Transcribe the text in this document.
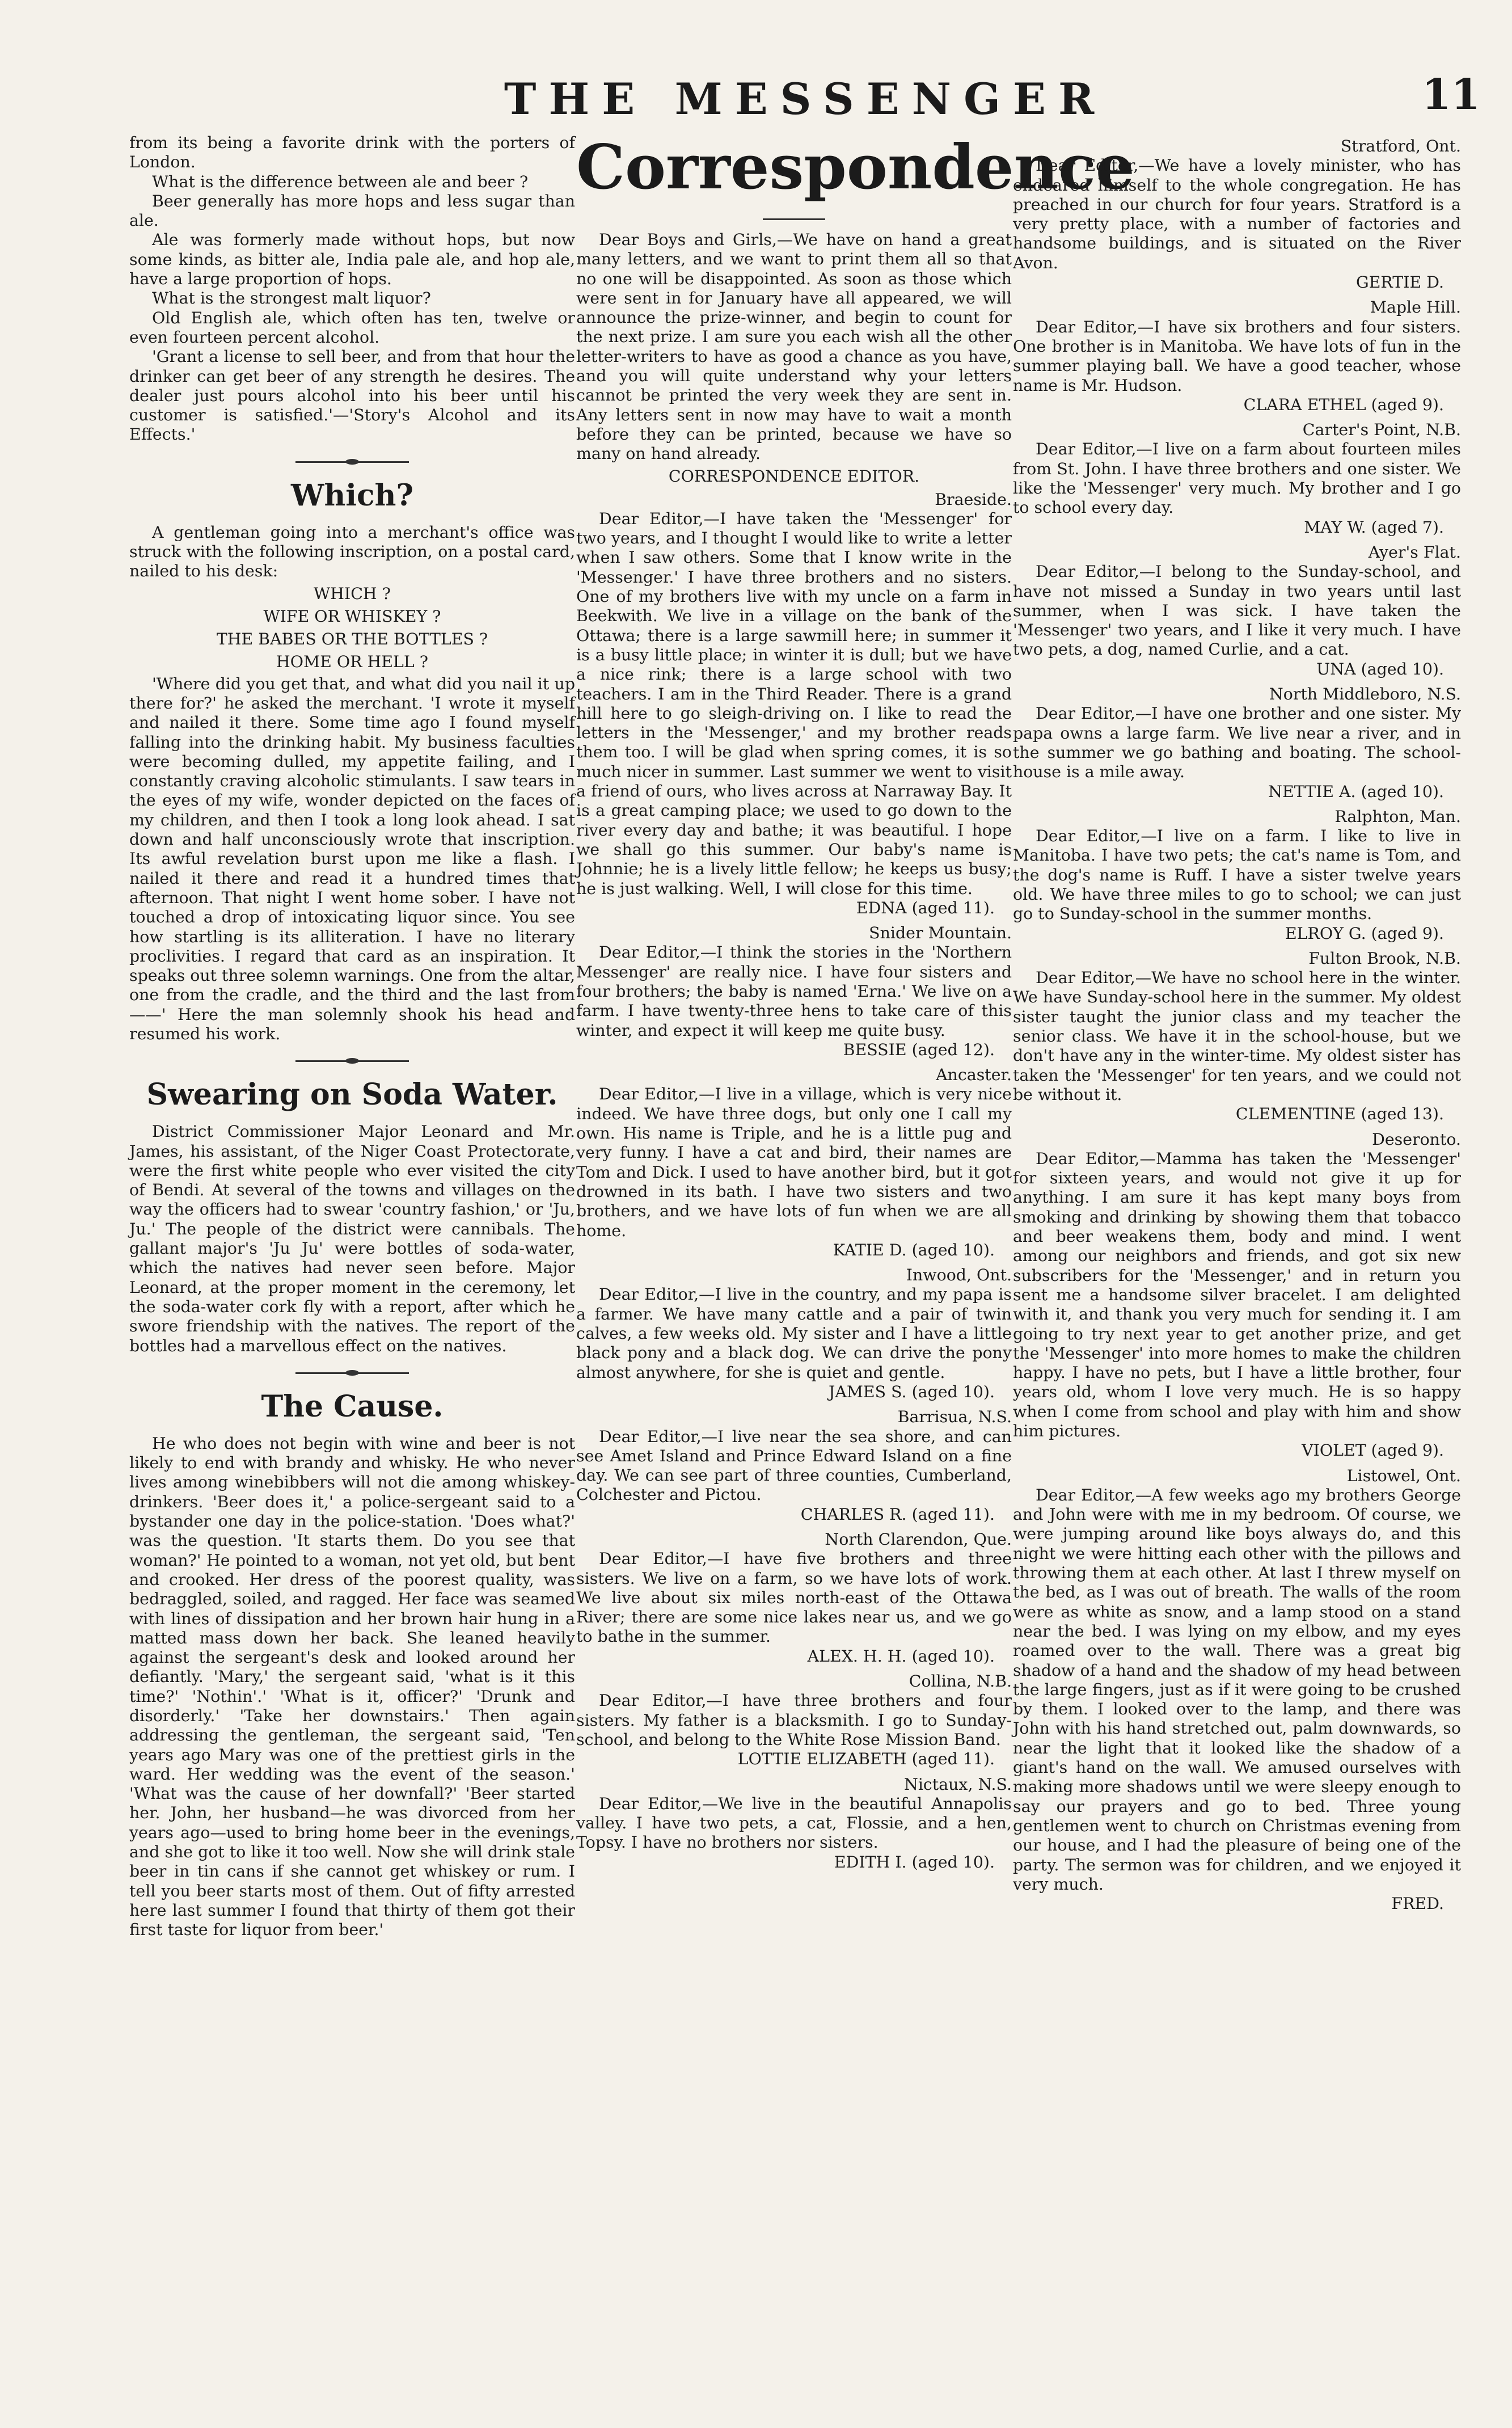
THE MESSENGER	11

from its being a favorite drink with the porters of London.

What is the difference between ale and beer ?

Beer generally has more hops and less sugar than ale.

Ale was formerly made without hops, but now some kinds, as bitter ale, India pale ale, and hop ale, have a large proportion of hops.

What is the strongest malt liquor?

Old English ale, which often has ten, twelve or even fourteen percent alcohol.

'Grant a license to sell beer, and from that hour the drinker can get beer of any strength he desires. The dealer just pours alcohol into his beer until his customer is satisfied.'—'Story's Alcohol and its Effects.'

Which?

A gentleman going into a merchant's office was struck with the following inscription, on a postal card, nailed to his desk:

WHICH ?
WIFE OR WHISKEY ?
THE BABES OR THE BOTTLES ?
HOME OR HELL ?

'Where did you get that, and what did you nail it up there for?' he asked the merchant. 'I wrote it myself and nailed it there. Some time ago I found myself falling into the drinking habit. My business faculties were becoming dulled, my appetite failing, and I constantly craving alcoholic stimulants. I saw tears in the eyes of my wife, wonder depicted on the faces of my children, and then I took a long look ahead. I sat down and half unconsciously wrote that inscription. Its awful revelation burst upon me like a flash. I nailed it there and read it a hundred times that afternoon. That night I went home sober. I have not touched a drop of intoxicating liquor since. You see how startling is its alliteration. I have no literary proclivities. I regard that card as an inspiration. It speaks out three solemn warnings. One from the altar, one from the cradle, and the third and the last from ——' Here the man solemnly shook his head and resumed his work.

Swearing on Soda Water.

District Commissioner Major Leonard and Mr. James, his assistant, of the Niger Coast Protectorate, were the first white people who ever visited the city of Bendi. At several of the towns and villages on the way the officers had to swear 'country fashion,' or 'Ju, Ju.' The people of the district were cannibals. The gallant major's 'Ju Ju' were bottles of soda-water, which the natives had never seen before. Major Leonard, at the proper moment in the ceremony, let the soda-water cork fly with a report, after which he swore friendship with the natives. The report of the bottles had a marvellous effect on the natives.

The Cause.

He who does not begin with wine and beer is not likely to end with brandy and whisky. He who never lives among winebibbers will not die among whiskey-drinkers. 'Beer does it,' a police-sergeant said to a bystander one day in the police-station. 'Does what?' was the question. 'It starts them. Do you see that woman?' He pointed to a woman, not yet old, but bent and crooked. Her dress of the poorest quality, was bedraggled, soiled, and ragged. Her face was seamed with lines of dissipation and her brown hair hung in a matted mass down her back. She leaned heavily against the sergeant's desk and looked around her defiantly. 'Mary,' the sergeant said, 'what is it this time?' 'Nothin'.' 'What is it, officer?' 'Drunk and disorderly.' 'Take her downstairs.' Then again addressing the gentleman, the sergeant said, 'Ten years ago Mary was one of the prettiest girls in the ward. Her wedding was the event of the season.' 'What was the cause of her downfall?' 'Beer started her. John, her husband—he was divorced from her years ago—used to bring home beer in the evenings, and she got to like it too well. Now she will drink stale beer in tin cans if she cannot get whiskey or rum. I tell you beer starts most of them. Out of fifty arrested here last summer I found that thirty of them got their first taste for liquor from beer.'

Correspondence

Dear Boys and Girls,—We have on hand a great many letters, and we want to print them all so that no one will be disappointed. As soon as those which were sent in for January have all appeared, we will announce the prize-winner, and begin to count for the next prize. I am sure you each wish all the other letter-writers to have as good a chance as you have, and you will quite understand why your letters cannot be printed the very week they are sent in. Any letters sent in now may have to wait a month before they can be printed, because we have so many on hand already.

CORRESPONDENCE EDITOR.
Braeside.

Dear Editor,—I have taken the 'Messenger' for two years, and I thought I would like to write a letter when I saw others. Some that I know write in the 'Messenger.' I have three brothers and no sisters. One of my brothers live with my uncle on a farm in Beekwith. We live in a village on the bank of the Ottawa; there is a large sawmill here; in summer it is a busy little place; in winter it is dull; but we have a nice rink; there is a large school with two teachers. I am in the Third Reader. There is a grand hill here to go sleigh-driving on. I like to read the letters in the 'Messenger,' and my brother reads them too. I will be glad when spring comes, it is so much nicer in summer. Last summer we went to visit a friend of ours, who lives across at Narraway Bay. It is a great camping place; we used to go down to the river every day and bathe; it was beautiful. I hope we shall go this summer. Our baby's name is Johnnie; he is a lively little fellow; he keeps us busy; he is just walking. Well, I will close for this time.

EDNA (aged 11).
Snider Mountain.

Dear Editor,—I think the stories in the 'Northern Messenger' are really nice. I have four sisters and four brothers; the baby is named 'Erna.' We live on a farm. I have twenty-three hens to take care of this winter, and expect it will keep me quite busy.

BESSIE (aged 12).
Ancaster.

Dear Editor,—I live in a village, which is very nice indeed. We have three dogs, but only one I call my own. His name is Triple, and he is a little pug and very funny. I have a cat and bird, their names are Tom and Dick. I used to have another bird, but it got drowned in its bath. I have two sisters and two brothers, and we have lots of fun when we are all home.

KATIE D. (aged 10).
Inwood, Ont.

Dear Editor,—I live in the country, and my papa is a farmer. We have many cattle and a pair of twin calves, a few weeks old. My sister and I have a little black pony and a black dog. We can drive the pony almost anywhere, for she is quiet and gentle.

JAMES S. (aged 10).
Barrisua, N.S.

Dear Editor,—I live near the sea shore, and can see Amet Island and Prince Edward Island on a fine day. We can see part of three counties, Cumberland, Colchester and Pictou.

CHARLES R. (aged 11).
North Clarendon, Que.

Dear Editor,—I have five brothers and three sisters. We live on a farm, so we have lots of work. We live about six miles north-east of the Ottawa River; there are some nice lakes near us, and we go to bathe in the summer.

ALEX. H. H. (aged 10).
Collina, N.B.

Dear Editor,—I have three brothers and four sisters. My father is a blacksmith. I go to Sunday-school, and belong to the White Rose Mission Band.

LOTTIE ELIZABETH (aged 11).
Nictaux, N.S.

Dear Editor,—We live in the beautiful Annapolis valley. I have two pets, a cat, Flossie, and a hen, Topsy. I have no brothers nor sisters.

EDITH I. (aged 10).
Stratford, Ont.

Dear Editor,—We have a lovely minister, who has endeared himself to the whole congregation. He has preached in our church for four years. Stratford is a very pretty place, with a number of factories and handsome buildings, and is situated on the River Avon.

GERTIE D.
Maple Hill.

Dear Editor,—I have six brothers and four sisters. One brother is in Manitoba. We have lots of fun in the summer playing ball. We have a good teacher, whose name is Mr. Hudson.

CLARA ETHEL (aged 9).
Carter's Point, N.B.

Dear Editor,—I live on a farm about fourteen miles from St. John. I have three brothers and one sister. We like the 'Messenger' very much. My brother and I go to school every day.

MAY W. (aged 7).
Ayer's Flat.

Dear Editor,—I belong to the Sunday-school, and have not missed a Sunday in two years until last summer, when I was sick. I have taken the 'Messenger' two years, and I like it very much. I have two pets, a dog, named Curlie, and a cat.

UNA (aged 10).
North Middleboro, N.S.

Dear Editor,—I have one brother and one sister. My papa owns a large farm. We live near a river, and in the summer we go bathing and boating. The school-house is a mile away.

NETTIE A. (aged 10).
Ralphton, Man.

Dear Editor,—I live on a farm. I like to live in Manitoba. I have two pets; the cat's name is Tom, and the dog's name is Ruff. I have a sister twelve years old. We have three miles to go to school; we can just go to Sunday-school in the summer months.

ELROY G. (aged 9).
Fulton Brook, N.B.

Dear Editor,—We have no school here in the winter. We have Sunday-school here in the summer. My oldest sister taught the junior class and my teacher the senior class. We have it in the school-house, but we don't have any in the winter-time. My oldest sister has taken the 'Messenger' for ten years, and we could not be without it.

CLEMENTINE (aged 13).
Deseronto.

Dear Editor,—Mamma has taken the 'Messenger' for sixteen years, and would not give it up for anything. I am sure it has kept many boys from smoking and drinking by showing them that tobacco and beer weakens them, body and mind. I went among our neighbors and friends, and got six new subscribers for the 'Messenger,' and in return you sent me a handsome silver bracelet. I am delighted with it, and thank you very much for sending it. I am going to try next year to get another prize, and get the 'Messenger' into more homes to make the children happy. I have no pets, but I have a little brother, four years old, whom I love very much. He is so happy when I come from school and play with him and show him pictures.

VIOLET (aged 9).
Listowel, Ont.

Dear Editor,—A few weeks ago my brothers George and John were with me in my bedroom. Of course, we were jumping around like boys always do, and this night we were hitting each other with the pillows and throwing them at each other. At last I threw myself on the bed, as I was out of breath. The walls of the room were as white as snow, and a lamp stood on a stand near the bed. I was lying on my elbow, and my eyes roamed over to the wall. There was a great big shadow of a hand and the shadow of my head between the large fingers, just as if it were going to be crushed by them. I looked over to the lamp, and there was John with his hand stretched out, palm downwards, so near the light that it looked like the shadow of a giant's hand on the wall. We amused ourselves with making more shadows until we were sleepy enough to say our prayers and go to bed. Three young gentlemen went to church on Christmas evening from our house, and I had the pleasure of being one of the party. The sermon was for children, and we enjoyed it very much.

FRED.
